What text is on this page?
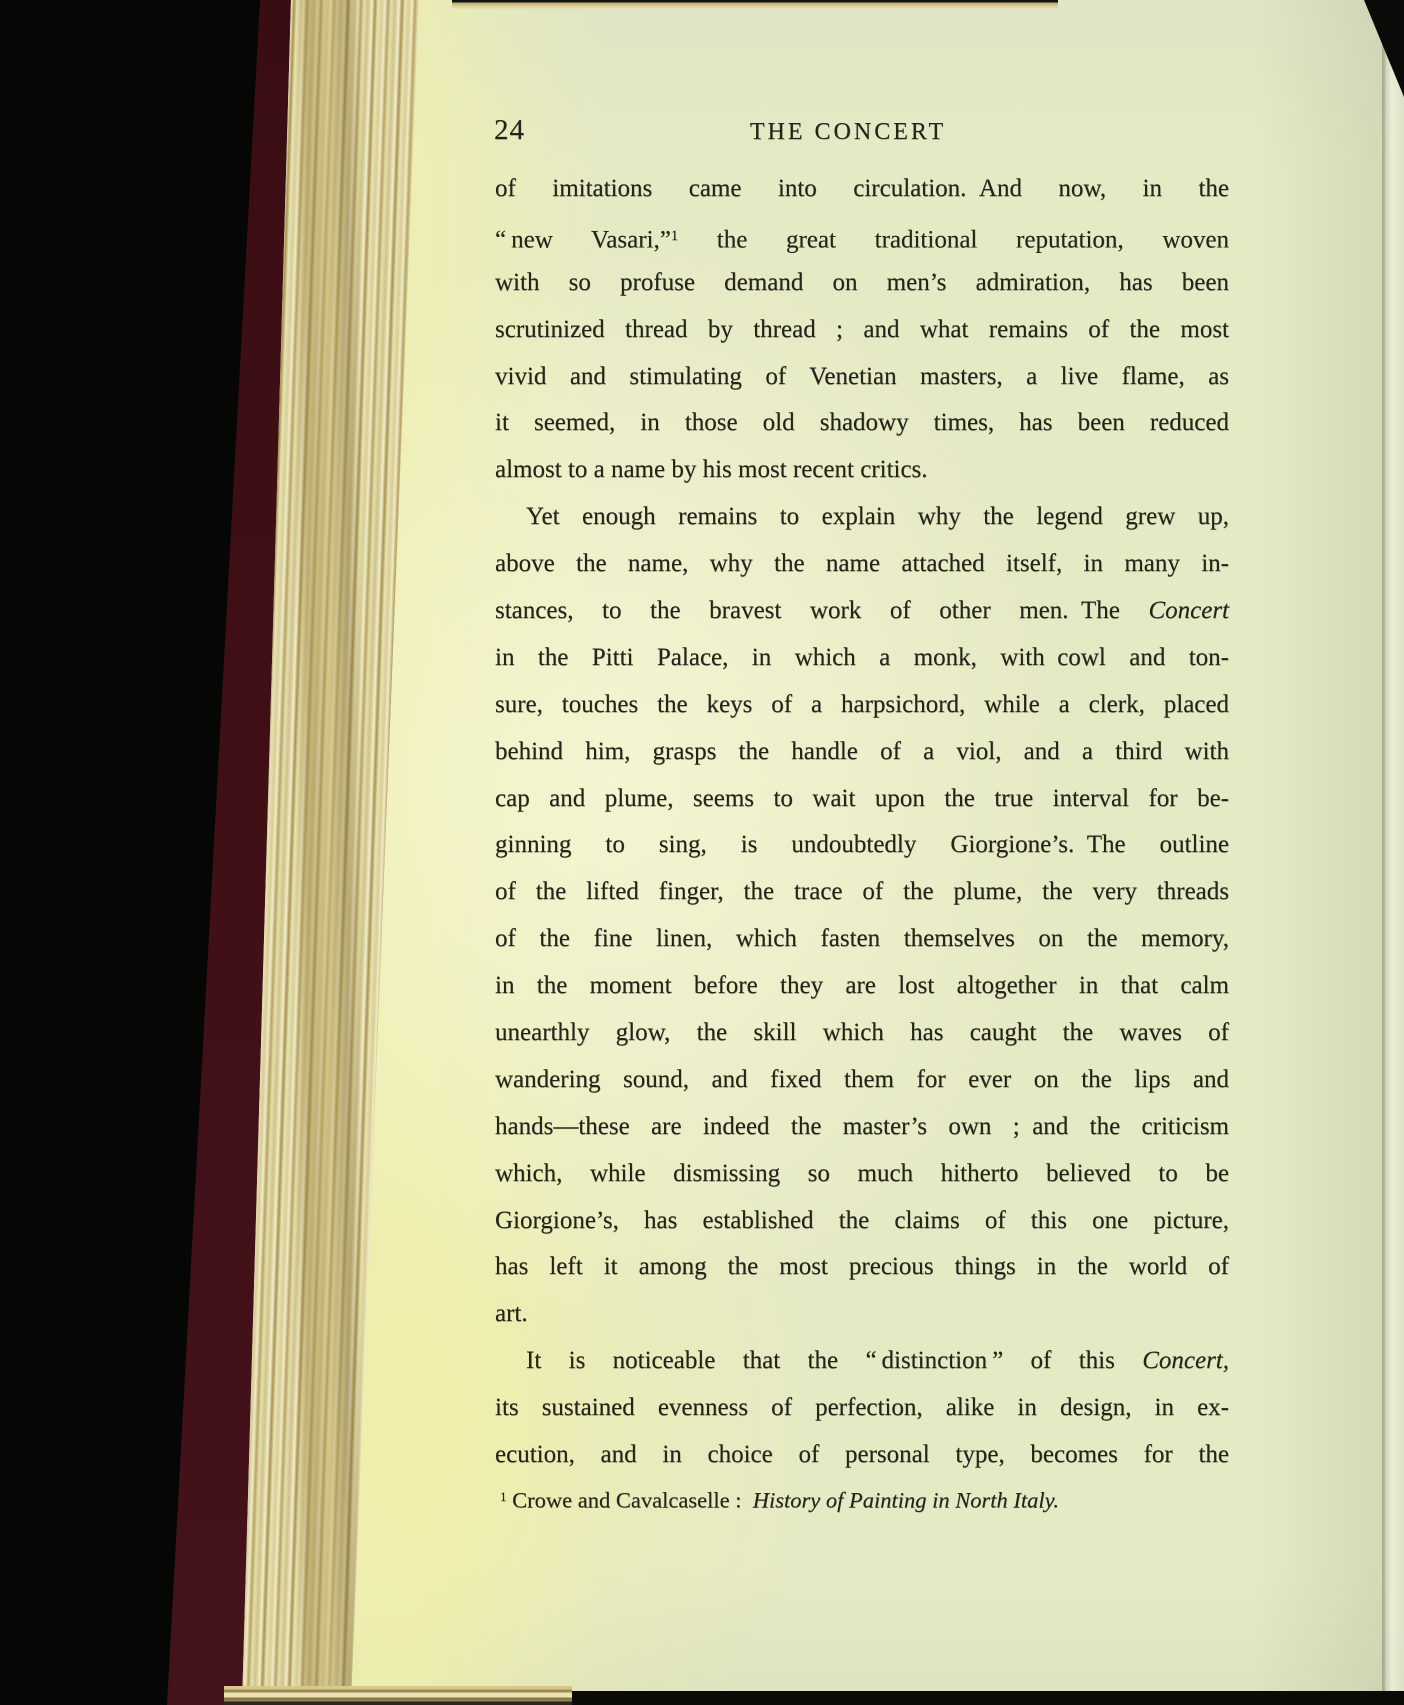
24	THE CONCERT
of imitations came into circulation. And now, in the
“ new Vasari,”$^1$ the great traditional reputation, woven
with so profuse demand on men’s admiration, has been
scrutinized thread by thread ; and what remains of the most
vivid and stimulating of Venetian masters, a live flame, as
it seemed, in those old shadowy times, has been reduced
almost to a name by his most recent critics.
Yet enough remains to explain why the legend grew up,
above the name, why the name attached itself, in many in-
stances, to the bravest work of other men. The Concert
in the Pitti Palace, in which a monk, with cowl and ton-
sure, touches the keys of a harpsichord, while a clerk, placed
behind him, grasps the handle of a viol, and a third with
cap and plume, seems to wait upon the true interval for be-
ginning to sing, is undoubtedly Giorgione’s. The outline
of the lifted finger, the trace of the plume, the very threads
of the fine linen, which fasten themselves on the memory,
in the moment before they are lost altogether in that calm
unearthly glow, the skill which has caught the waves of
wandering sound, and fixed them for ever on the lips and
hands—these are indeed the master’s own ; and the criticism
which, while dismissing so much hitherto believed to be
Giorgione’s, has established the claims of this one picture,
has left it among the most precious things in the world of
art.
It is noticeable that the “ distinction ” of this Concert,
its sustained evenness of perfection, alike in design, in ex-
ecution, and in choice of personal type, becomes for the
$^1$ Crowe and Cavalcaselle : History of Painting in North Italy.
